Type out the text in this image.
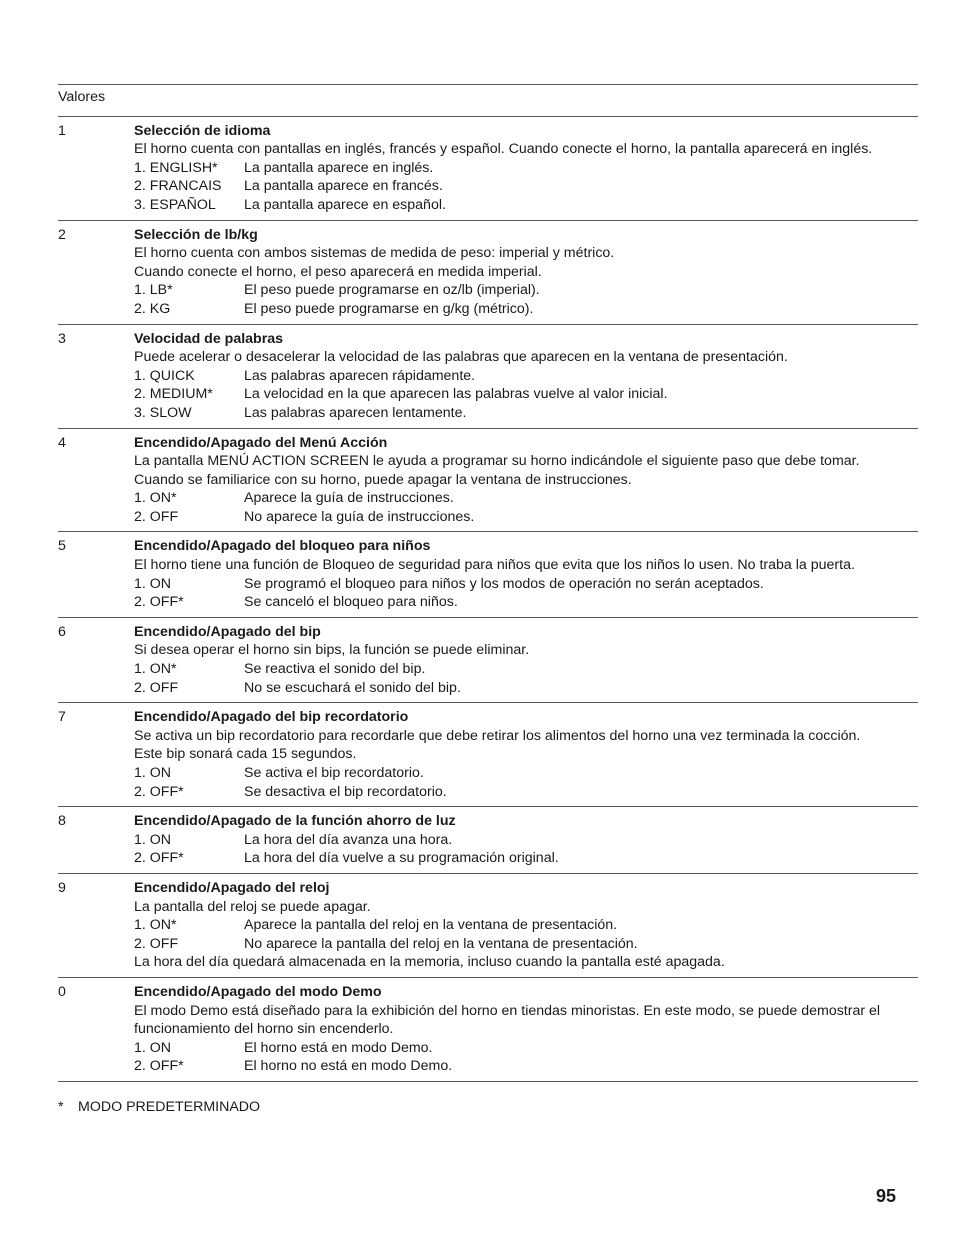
Valores
1	Selección de idioma
El horno cuenta con pantallas en inglés, francés y español. Cuando conecte el horno, la pantalla aparecerá en inglés.
1. ENGLISH*	La pantalla aparece en inglés.
2. FRANCAIS	La pantalla aparece en francés.
3. ESPAÑOL	La pantalla aparece en español.
2	Selección de lb/kg
El horno cuenta con ambos sistemas de medida de peso: imperial y métrico.
Cuando conecte el horno, el peso aparecerá en medida imperial.
1. LB*	El peso puede programarse en oz/lb (imperial).
2. KG	El peso puede programarse en g/kg (métrico).
3	Velocidad de palabras
Puede acelerar o desacelerar la velocidad de las palabras que aparecen en la ventana de presentación.
1. QUICK	Las palabras aparecen rápidamente.
2. MEDIUM*	La velocidad en la que aparecen las palabras vuelve al valor inicial.
3. SLOW	Las palabras aparecen lentamente.
4	Encendido/Apagado del Menú Acción
La pantalla MENÚ ACTION SCREEN le ayuda a programar su horno indicándole el siguiente paso que debe tomar.
Cuando se familiarice con su horno, puede apagar la ventana de instrucciones.
1. ON*	Aparece la guía de instrucciones.
2. OFF	No aparece la guía de instrucciones.
5	Encendido/Apagado del bloqueo para niños
El horno tiene una función de Bloqueo de seguridad para niños que evita que los niños lo usen. No traba la puerta.
1. ON	Se programó el bloqueo para niños y los modos de operación no serán aceptados.
2. OFF*	Se canceló el bloqueo para niños.
6	Encendido/Apagado del bip
Si desea operar el horno sin bips, la función se puede eliminar.
1. ON*	Se reactiva el sonido del bip.
2. OFF	No se escuchará el sonido del bip.
7	Encendido/Apagado del bip recordatorio
Se activa un bip recordatorio para recordarle que debe retirar los alimentos del horno una vez terminada la cocción.
Este bip sonará cada 15 segundos.
1. ON	Se activa el bip recordatorio.
2. OFF*	Se desactiva el bip recordatorio.
8	Encendido/Apagado de la función ahorro de luz
1. ON	La hora del día avanza una hora.
2. OFF*	La hora del día vuelve a su programación original.
9	Encendido/Apagado del reloj
La pantalla del reloj se puede apagar.
1. ON*	Aparece la pantalla del reloj en la ventana de presentación.
2. OFF	No aparece la pantalla del reloj en la ventana de presentación.
La hora del día quedará almacenada en la memoria, incluso cuando la pantalla esté apagada.
0	Encendido/Apagado del modo Demo
El modo Demo está diseñado para la exhibición del horno en tiendas minoristas. En este modo, se puede demostrar el
funcionamiento del horno sin encenderlo.
1. ON	El horno está en modo Demo.
2. OFF*	El horno no está en modo Demo.
*	MODO PREDETERMINADO
95
